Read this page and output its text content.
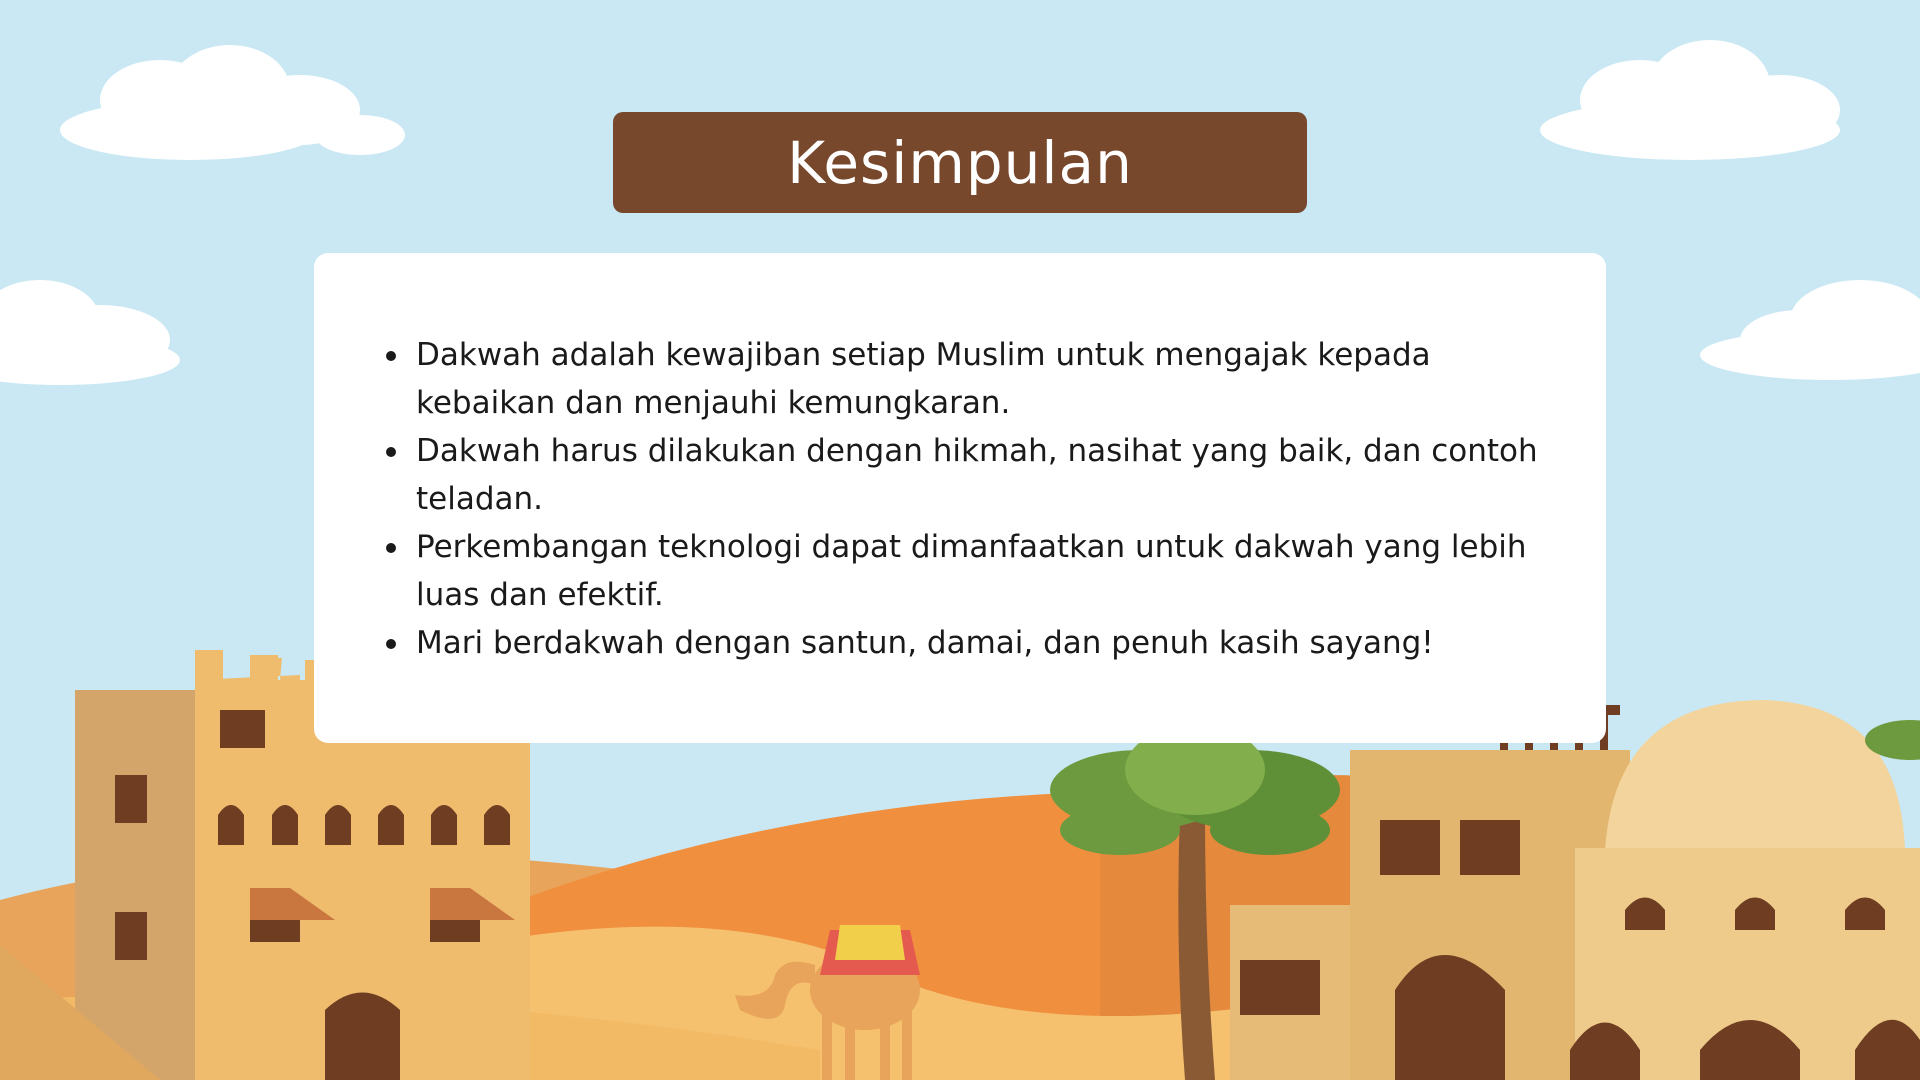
Kesimpulan
Dakwah adalah kewajiban setiap Muslim untuk mengajak kepada kebaikan dan menjauhi kemungkaran.
Dakwah harus dilakukan dengan hikmah, nasihat yang baik, dan contoh teladan.
Perkembangan teknologi dapat dimanfaatkan untuk dakwah yang lebih luas dan efektif.
Mari berdakwah dengan santun, damai, dan penuh kasih sayang!
